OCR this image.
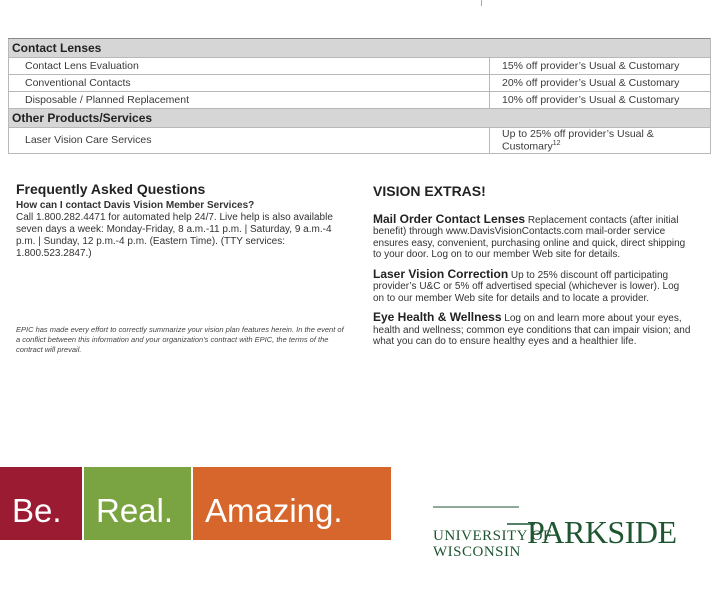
Contact Lenses	
Contact Lens Evaluation	15% off provider’s Usual & Customary
Conventional Contacts	20% off provider’s Usual & Customary
Disposable / Planned Replacement	10% off provider’s Usual & Customary
Other Products/Services	
Laser Vision Care Services	Up to 25% off provider’s Usual & Customary$^{12}$
Frequently Asked Questions
How can I contact Davis Vision Member Services?
Call 1.800.282.4471 for automated help 24/7. Live help is also available seven days a week: Monday-Friday, 8 a.m.-11 p.m. | Saturday, 9 a.m.-4 p.m. | Sunday, 12 p.m.-4 p.m. (Eastern Time). (TTY services: 1.800.523.2847.)
EPIC has made every effort to correctly summarize your vision plan features herein. In the event of a conflict between this information and your organization's contract with EPIC, the terms of the contract will prevail.
VISION EXTRAS!

Mail Order Contact Lenses Replacement contacts (after initial benefit) through www.DavisVisionContacts.com mail-order service ensures easy, convenient, purchasing online and quick, direct shipping to your door. Log on to our member Web site for details.

Laser Vision Correction Up to 25% discount off participating provider’s U&C or 5% off advertised special (whichever is lower). Log on to our member Web site for details and to locate a provider.

Eye Health & Wellness Log on and learn more about your eyes, health and wellness; common eye conditions that can impair vision; and what you can do to ensure healthy eyes and a healthier life.

Be.	Real. Amazing.
UNIVERSITY OF
WISCONSIN
PARKSIDE
